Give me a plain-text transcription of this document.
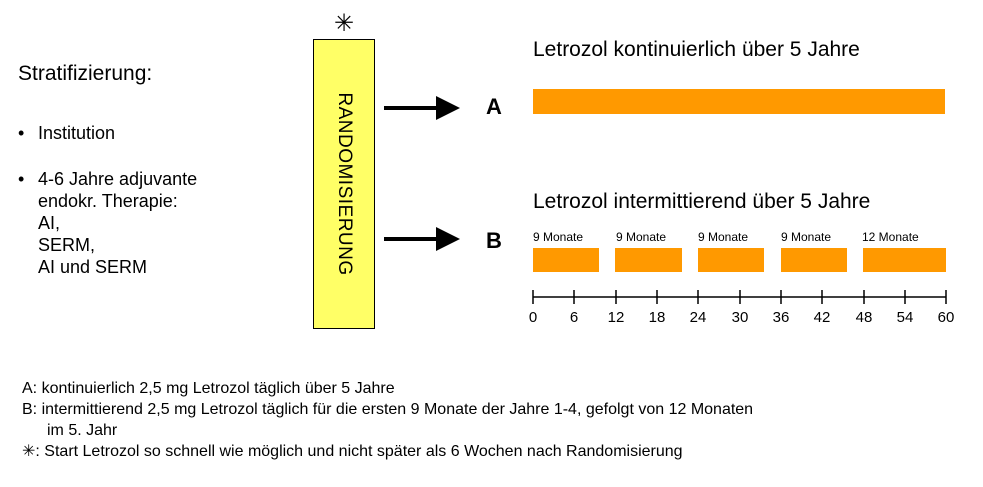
Stratifizierung:
• Institution
• 4-6 Jahre adjuvante
endokr. Therapie:
AI,
SERM,
AI und SERM
✳
RANDOMISIERUNG
Letrozol kontinuierlich über 5 Jahre
A
Letrozol intermittierend über 5 Jahre
B	9 Monate	9 Monate	9 Monate	9 Monate	12 Monate
0 6 12 18 24 30 36 42 48 54 60
A: kontinuierlich 2,5 mg Letrozol täglich über 5 Jahre
B: intermittierend 2,5 mg Letrozol täglich für die ersten 9 Monate der Jahre 1-4, gefolgt von 12 Monaten
im 5. Jahr
✳: Start Letrozol so schnell wie möglich und nicht später als 6 Wochen nach Randomisierung
